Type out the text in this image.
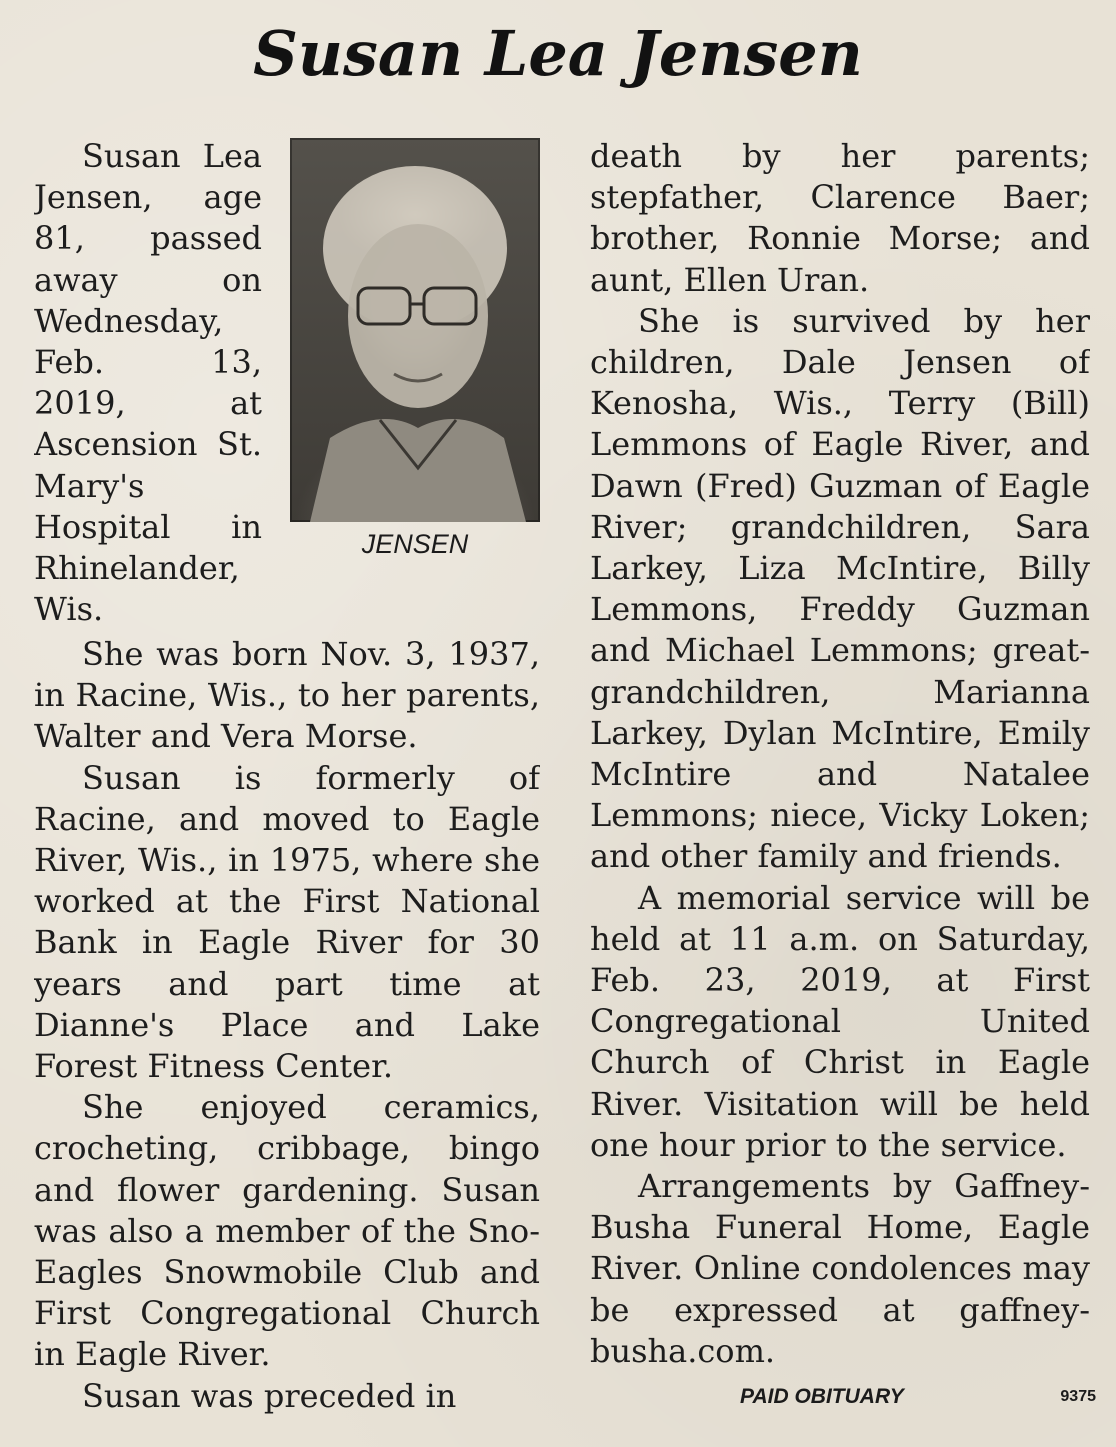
Susan Lea Jensen

Susan Lea Jensen, age 81, passed away on Wednesday, Feb. 13, 2019, at Ascension St. Mary's Hospital in Rhinelander, Wis.

JENSEN

She was born Nov. 3, 1937, in Racine, Wis., to her parents, Walter and Vera Morse.

Susan is formerly of Racine, and moved to Eagle River, Wis., in 1975, where she worked at the First National Bank in Eagle River for 30 years and part time at Dianne's Place and Lake Forest Fitness Center.

She enjoyed ceramics, crocheting, cribbage, bingo and flower gardening. Susan was also a member of the Sno-Eagles Snowmobile Club and First Congregational Church in Eagle River.

Susan was preceded in

death by her parents; stepfather, Clarence Baer; brother, Ronnie Morse; and aunt, Ellen Uran.

She is survived by her children, Dale Jensen of Kenosha, Wis., Terry (Bill) Lemmons of Eagle River, and Dawn (Fred) Guzman of Eagle River; grandchildren, Sara Larkey, Liza McIntire, Billy Lemmons, Freddy Guzman and Michael Lemmons; great-grandchildren, Marianna Larkey, Dylan McIntire, Emily McIntire and Natalee Lemmons; niece, Vicky Loken; and other family and friends.

A memorial service will be held at 11 a.m. on Saturday, Feb. 23, 2019, at First Congregational United Church of Christ in Eagle River. Visitation will be held one hour prior to the service.

Arrangements by Gaffney-Busha Funeral Home, Eagle River. Online condolences may be expressed at gaffney-busha.com.

PAID OBITUARY	9375
